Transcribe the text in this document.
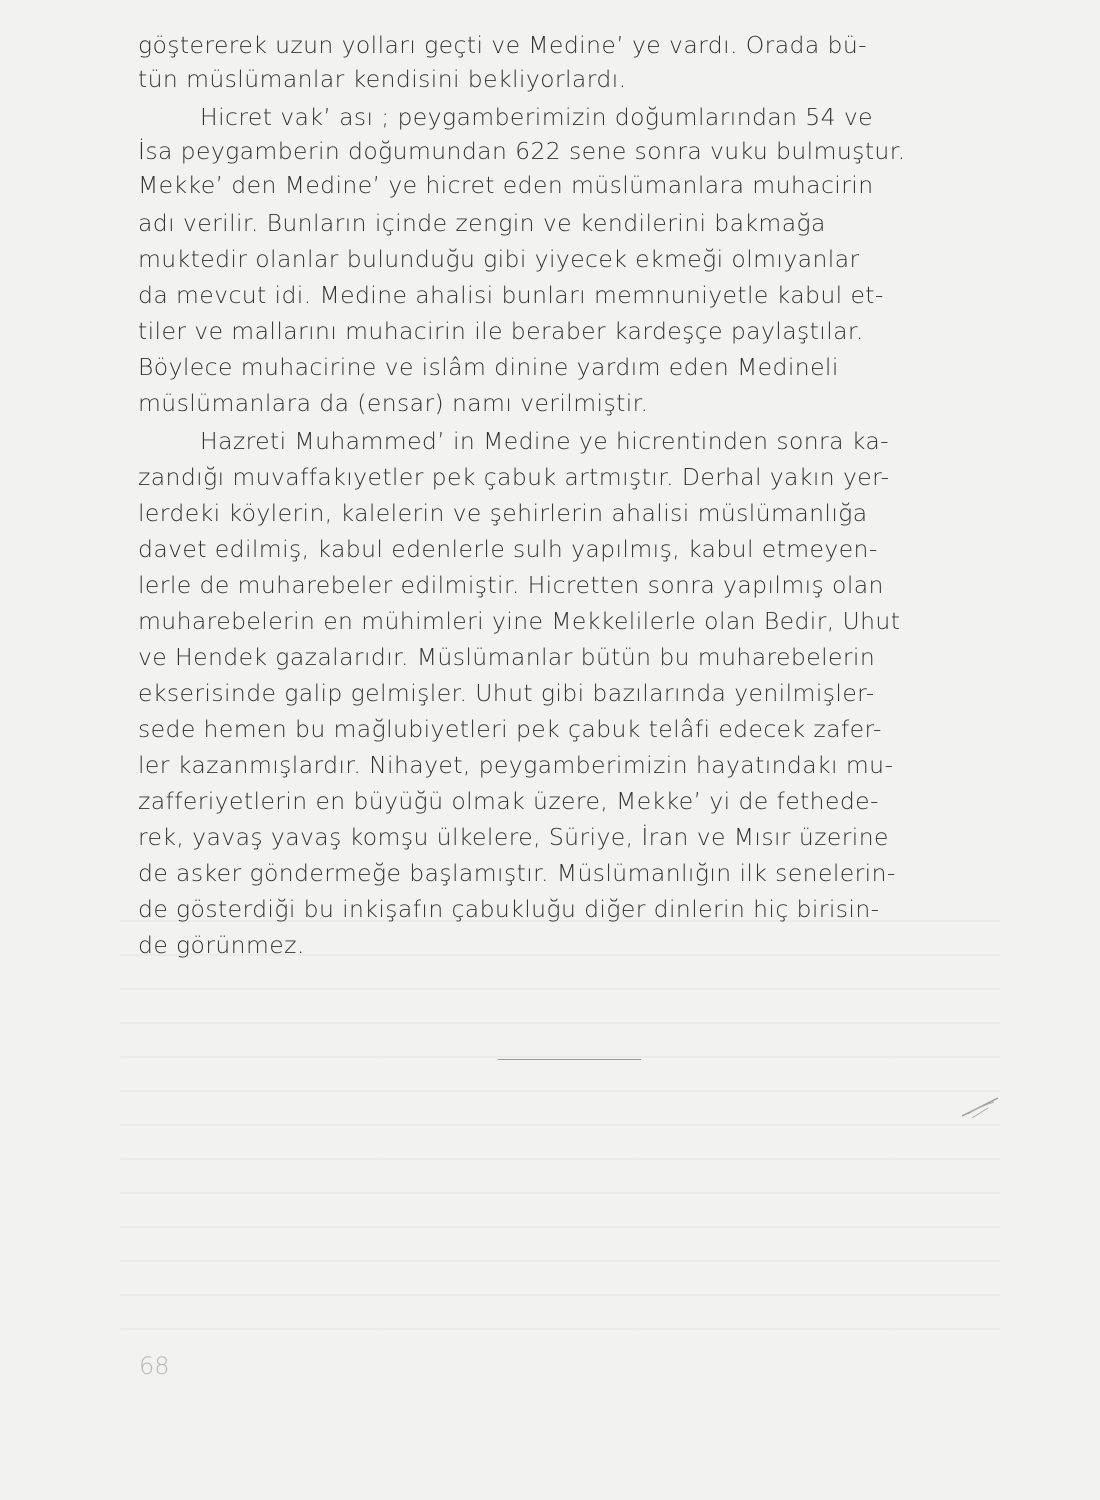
göştererek uzun yolları geçti ve Medine’ ye vardı. Orada bü-
tün müslümanlar kendisini bekliyorlardı.
Hicret vak’ ası ; peygamberimizin doğumlarından 54 ve
İsa peygamberin doğumundan 622 sene sonra vuku bulmuştur.
Mekke’ den Medine’ ye hicret eden müslümanlara muhacirin
adı verilir. Bunların içinde zengin ve kendilerini bakmağa
muktedir olanlar bulunduğu gibi yiyecek ekmeği olmıyanlar
da mevcut idi. Medine ahalisi bunları memnuniyetle kabul et-
tiler ve mallarını muhacirin ile beraber kardeşçe paylaştılar.
Böylece muhacirine ve islâm dinine yardım eden Medineli
müslümanlara da (ensar) namı verilmiştir.
Hazreti Muhammed’ in Medine ye hicrentinden sonra ka-
zandığı muvaffakıyetler pek çabuk artmıştır. Derhal yakın yer-
lerdeki köylerin, kalelerin ve şehirlerin ahalisi müslümanlığa
davet edilmiş, kabul edenlerle sulh yapılmış, kabul etmeyen-
lerle de muharebeler edilmiştir. Hicretten sonra yapılmış olan
muharebelerin en mühimleri yine Mekkelilerle olan Bedir, Uhut
ve Hendek gazalarıdır. Müslümanlar bütün bu muharebelerin
ekserisinde galip gelmişler. Uhut gibi bazılarında yenilmişler-
sede hemen bu mağlubiyetleri pek çabuk telâfi edecek zafer-
ler kazanmışlardır. Nihayet, peygamberimizin hayatındakı mu-
zafferiyetlerin en büyüğü olmak üzere, Mekke’ yi de fethede-
rek, yavaş yavaş komşu ülkelere, Süriye, İran ve Mısır üzerine
de asker göndermeğe başlamıştır. Müslümanlığın ilk senelerin-
de gösterdiği bu inkişafın çabukluğu diğer dinlerin hiç birisin-
de görünmez.
68
